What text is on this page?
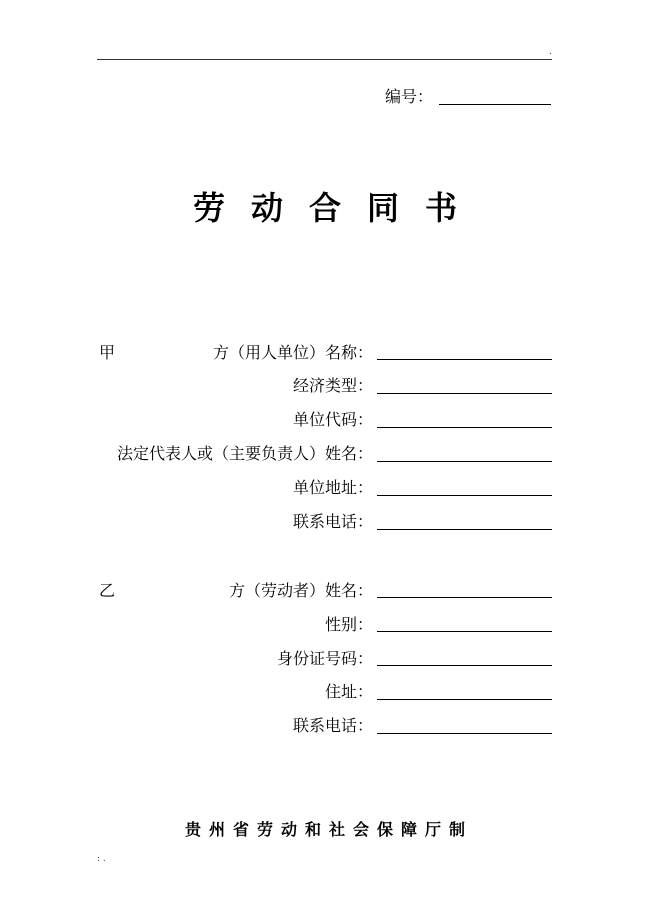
.
编号：
劳动合同书
甲	方（用人单位）名称：
经济类型：
单位代码：
法定代表人或（主要负责人）姓名：
单位地址：
联系电话：
乙	方（劳动者）姓名：
性别：
身份证号码：
住址：
联系电话：
贵州省劳动和社会保障厅制
: .
